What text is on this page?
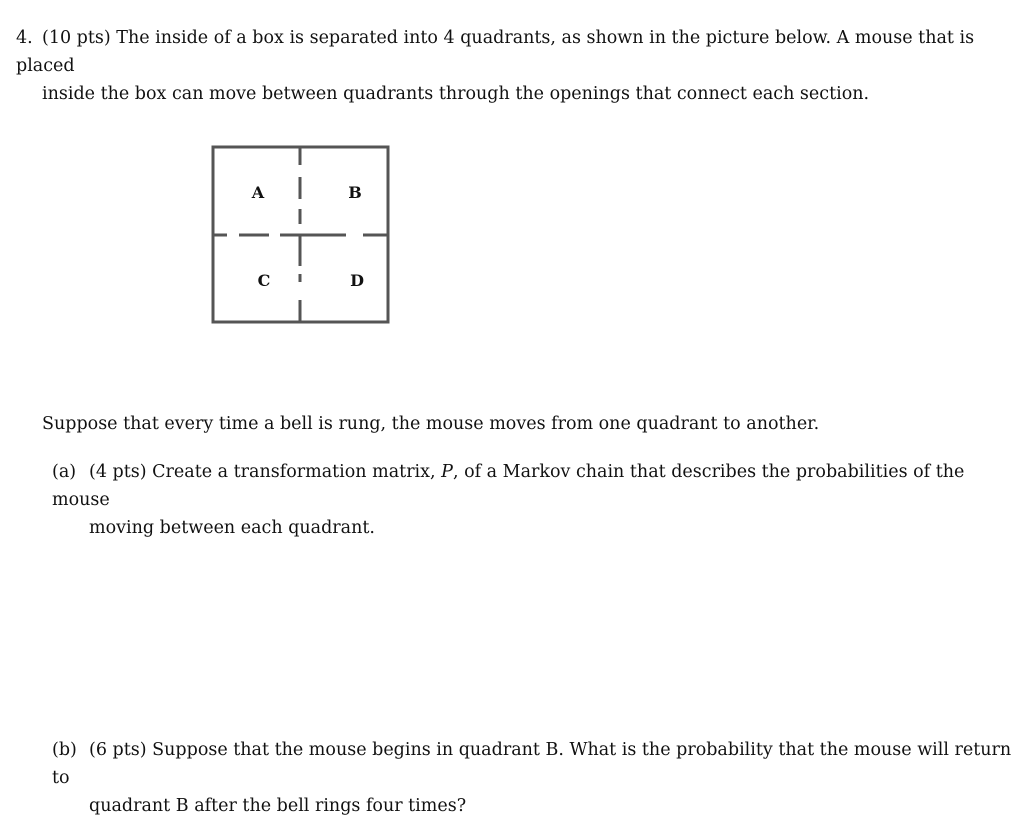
4. (10 pts) The inside of a box is separated into 4 quadrants, as shown in the picture below. A mouse that is placed
inside the box can move between quadrants through the openings that connect each section.
A	B
C	D
Suppose that every time a bell is rung, the mouse moves from one quadrant to another.
(a) (4 pts) Create a transformation matrix, P, of a Markov chain that describes the probabilities of the mouse
moving between each quadrant.
(b) (6 pts) Suppose that the mouse begins in quadrant B. What is the probability that the mouse will return to
quadrant B after the bell rings four times?
